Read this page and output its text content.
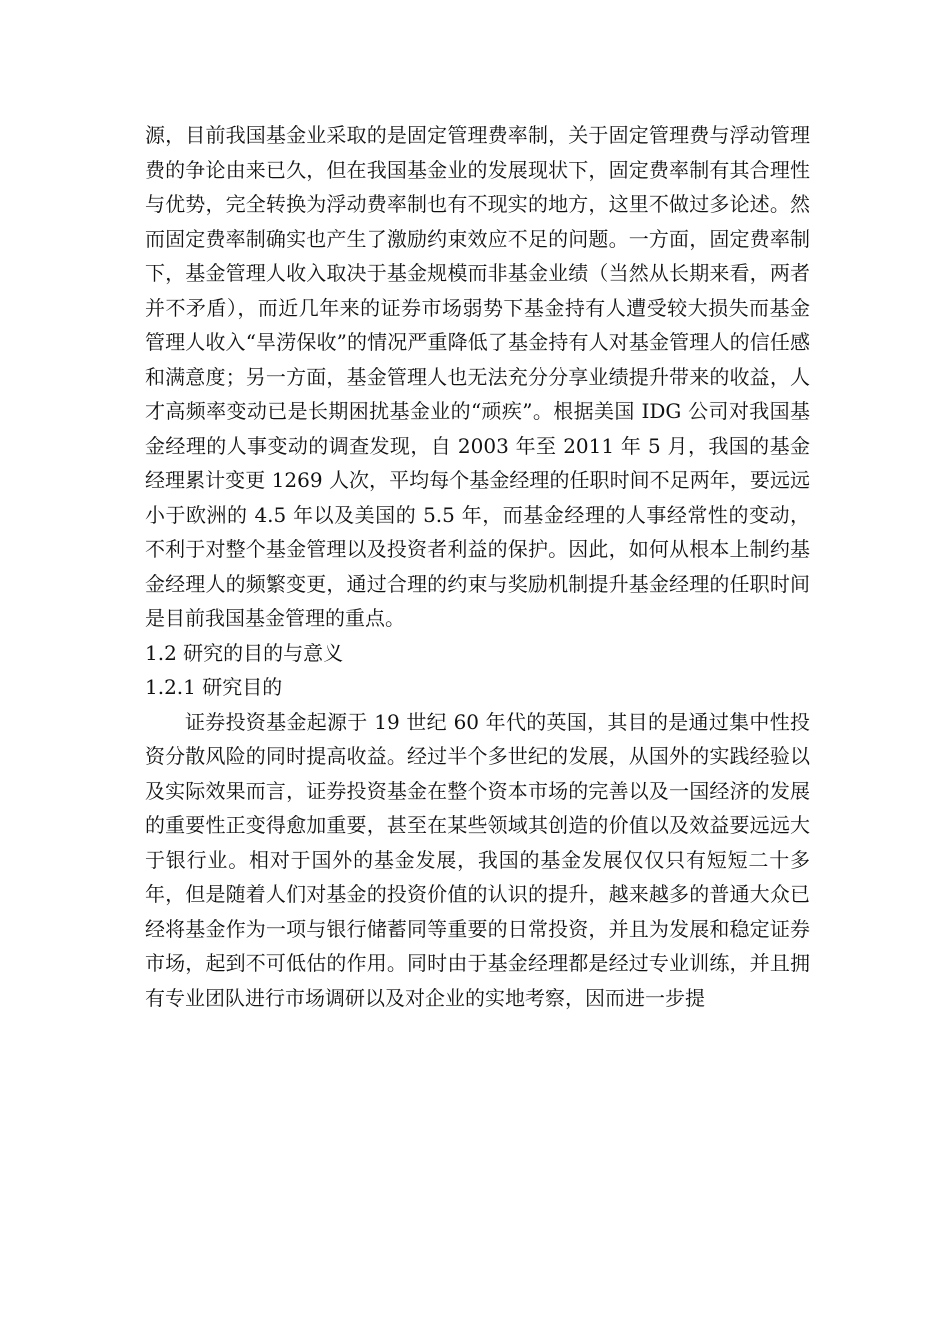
源，目前我国基金业采取的是固定管理费率制，关于固定管理费与浮动管理费的争论由来已久，但在我国基金业的发展现状下，固定费率制有其合理性与优势，完全转换为浮动费率制也有不现实的地方，这里不做过多论述。然而固定费率制确实也产生了激励约束效应不足的问题。一方面，固定费率制下，基金管理人收入取决于基金规模而非基金业绩（当然从长期来看，两者并不矛盾），而近几年来的证券市场弱势下基金持有人遭受较大损失而基金管理人收入“旱涝保收”的情况严重降低了基金持有人对基金管理人的信任感和满意度；另一方面，基金管理人也无法充分分享业绩提升带来的收益，人才高频率变动已是长期困扰基金业的“顽疾”。根据美国 IDG 公司对我国基金经理的人事变动的调查发现，自 2003 年至 2011 年 5 月，我国的基金经理累计变更 1269 人次，平均每个基金经理的任职时间不足两年，要远远小于欧洲的 4.5 年以及美国的 5.5 年，而基金经理的人事经常性的变动，不利于对整个基金管理以及投资者利益的保护。因此，如何从根本上制约基金经理人的频繁变更，通过合理的约束与奖励机制提升基金经理的任职时间是目前我国基金管理的重点。

1.2 研究的目的与意义

1.2.1 研究目的

证券投资基金起源于 19 世纪 60 年代的英国，其目的是通过集中性投资分散风险的同时提高收益。经过半个多世纪的发展，从国外的实践经验以及实际效果而言，证券投资基金在整个资本市场的完善以及一国经济的发展的重要性正变得愈加重要，甚至在某些领域其创造的价值以及效益要远远大于银行业。相对于国外的基金发展，我国的基金发展仅仅只有短短二十多年，但是随着人们对基金的投资价值的认识的提升，越来越多的普通大众已经将基金作为一项与银行储蓄同等重要的日常投资，并且为发展和稳定证券市场，起到不可低估的作用。同时由于基金经理都是经过专业训练，并且拥有专业团队进行市场调研以及对企业的实地考察，因而进一步提
